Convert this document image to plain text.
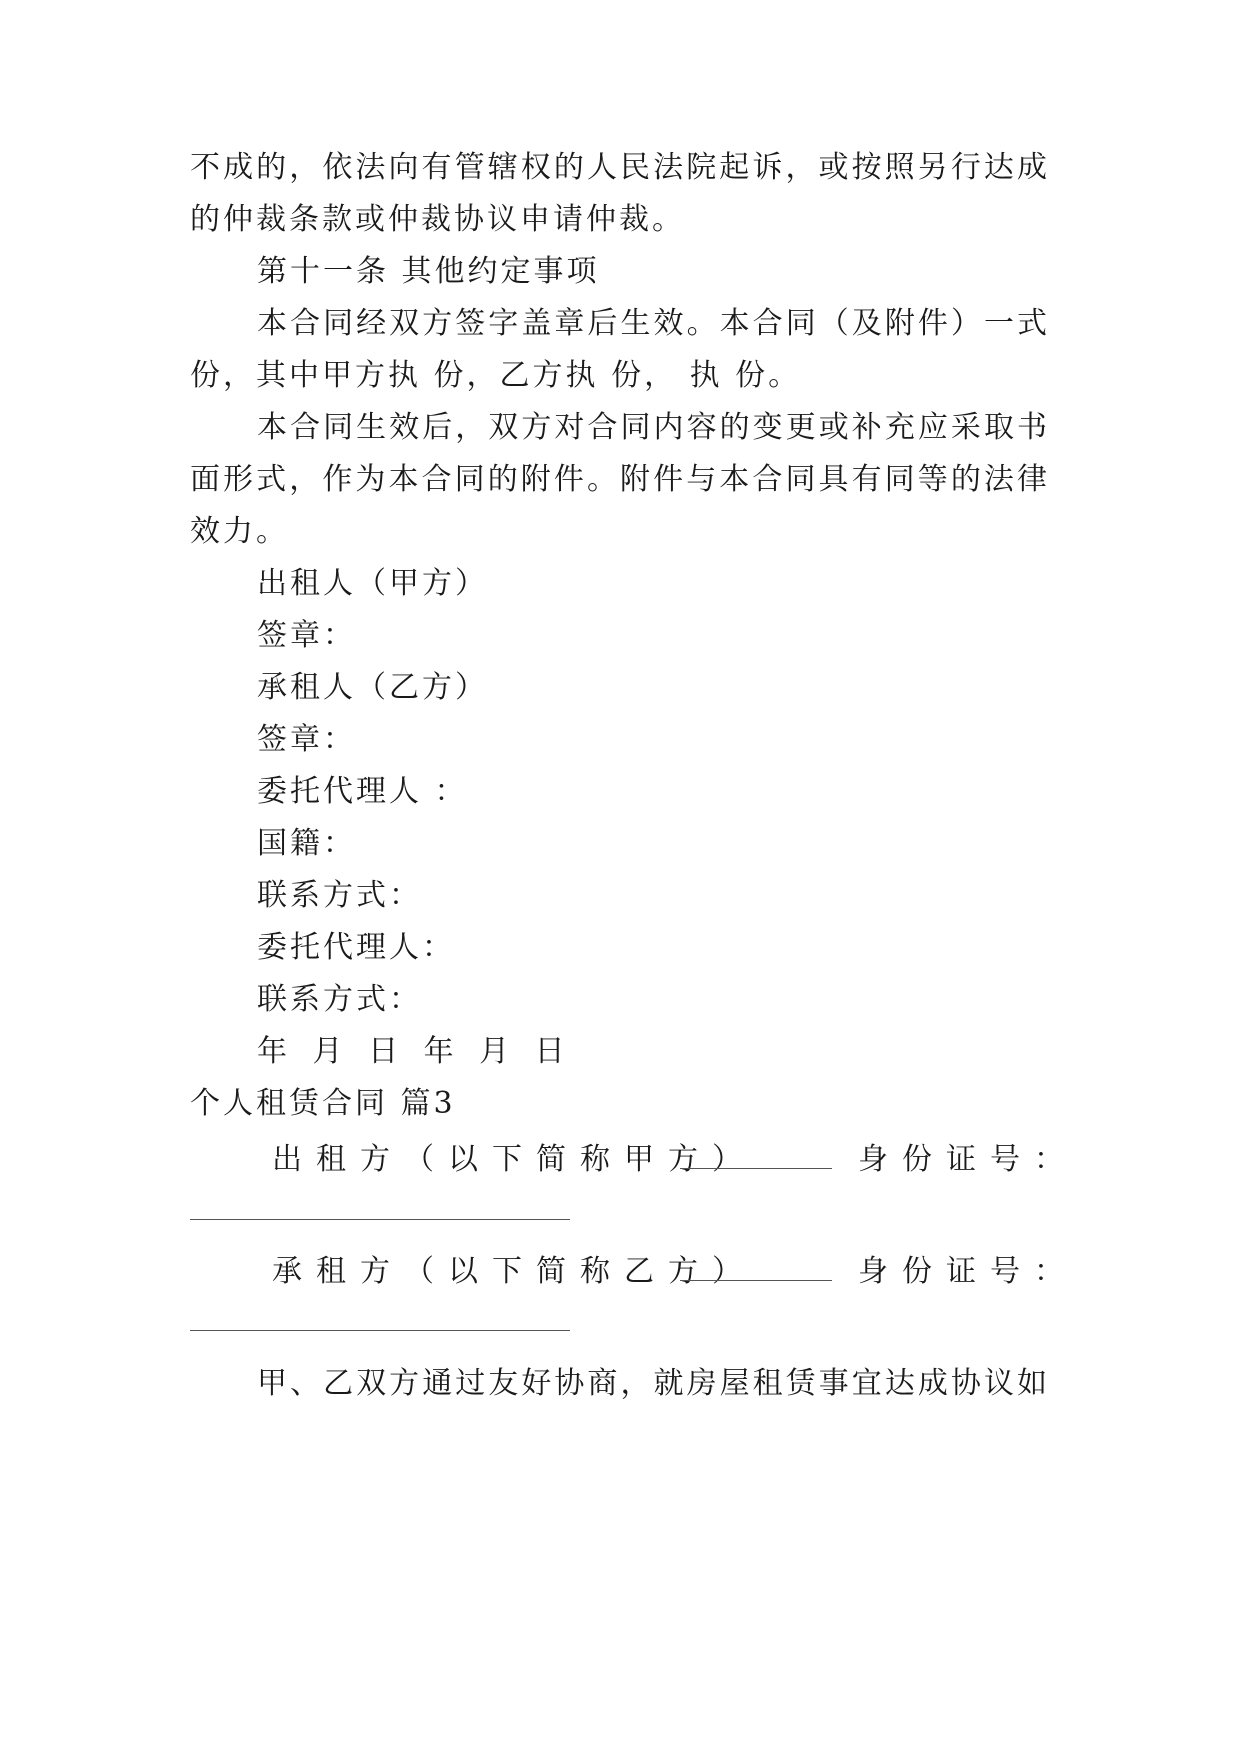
不成的，依法向有管辖权的人民法院起诉，或按照另行达成
的仲裁条款或仲裁协议申请仲裁。
第十一条 其他约定事项
本合同经双方签字盖章后生效。本合同（及附件）一式
份，其中甲方执 份，乙方执 份， 执 份。
本合同生效后，双方对合同内容的变更或补充应采取书
面形式，作为本合同的附件。附件与本合同具有同等的法律
效力。
出租人（甲方）
签章：
承租人（乙方）
签章：
委托代理人 ：
国籍：
联系方式：
委托代理人：
联系方式：
年 月 日 年 月 日
个人租赁合同 篇3
出租方（以下简称甲方）	身份证号：
承租方（以下简称乙方）	身份证号：
甲、乙双方通过友好协商，就房屋租赁事宜达成协议如
